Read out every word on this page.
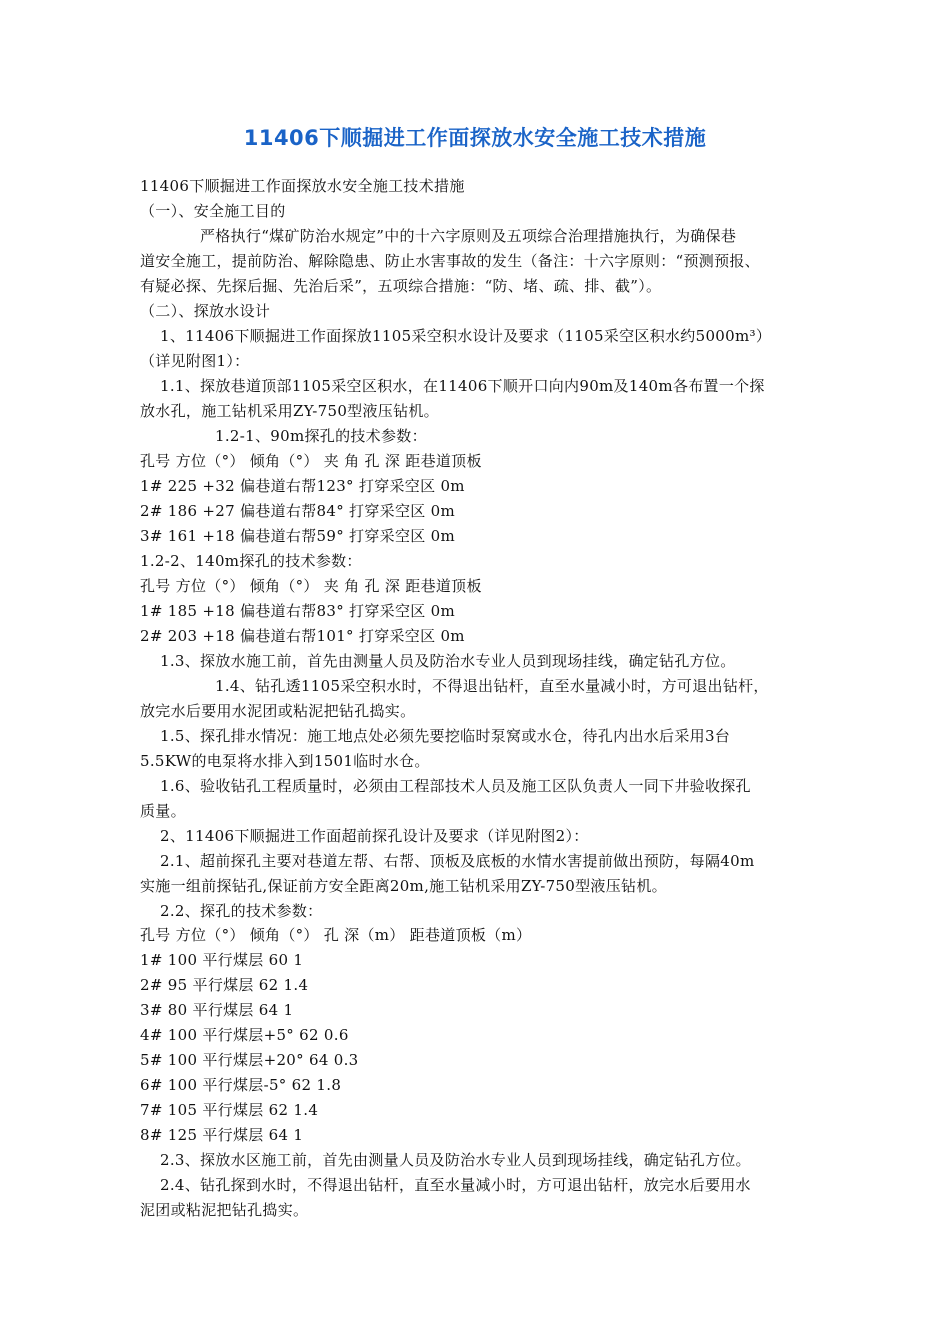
11406下顺掘进工作面探放水安全施工技术措施
11406下顺掘进工作面探放水安全施工技术措施
（一）、安全施工目的
严格执行“煤矿防治水规定”中的十六字原则及五项综合治理措施执行，为确保巷
道安全施工，提前防治、解除隐患、防止水害事故的发生（备注：十六字原则：“预测预报、
有疑必探、先探后掘、先治后采”，五项综合措施：“防、堵、疏、排、截”）。
（二）、探放水设计
1、11406下顺掘进工作面探放1105采空积水设计及要求（1105采空区积水约5000m³）
（详见附图1）：
1.1、探放巷道顶部1105采空区积水，在11406下顺开口向内90m及140m各布置一个探
放水孔，施工钻机采用ZY-750型液压钻机。
1.2-1、90m探孔的技术参数：
孔号 方位（°） 倾角（°） 夹 角 孔 深 距巷道顶板
1# 225 +32 偏巷道右帮123° 打穿采空区 0m
2# 186 +27 偏巷道右帮84° 打穿采空区 0m
3# 161 +18 偏巷道右帮59° 打穿采空区 0m
1.2-2、140m探孔的技术参数：
孔号 方位（°） 倾角（°） 夹 角 孔 深 距巷道顶板
1# 185 +18 偏巷道右帮83° 打穿采空区 0m
2# 203 +18 偏巷道右帮101° 打穿采空区 0m
1.3、探放水施工前，首先由测量人员及防治水专业人员到现场挂线，确定钻孔方位。
1.4、钻孔透1105采空积水时，不得退出钻杆，直至水量减小时，方可退出钻杆，
放完水后要用水泥团或粘泥把钻孔捣实。
1.5、探孔排水情况：施工地点处必须先要挖临时泵窝或水仓，待孔内出水后采用3台
5.5KW的电泵将水排入到1501临时水仓。
1.6、验收钻孔工程质量时，必须由工程部技术人员及施工区队负责人一同下井验收探孔
质量。
2、11406下顺掘进工作面超前探孔设计及要求（详见附图2）：
2.1、超前探孔主要对巷道左帮、右帮、顶板及底板的水情水害提前做出预防，每隔40m
实施一组前探钻孔,保证前方安全距离20m,施工钻机采用ZY-750型液压钻机。
2.2、探孔的技术参数：
孔号 方位（°） 倾角（°） 孔 深（m） 距巷道顶板（m）
1# 100 平行煤层 60 1
2# 95 平行煤层 62 1.4
3# 80 平行煤层 64 1
4# 100 平行煤层+5° 62 0.6
5# 100 平行煤层+20° 64 0.3
6# 100 平行煤层-5° 62 1.8
7# 105 平行煤层 62 1.4
8# 125 平行煤层 64 1
2.3、探放水区施工前，首先由测量人员及防治水专业人员到现场挂线，确定钻孔方位。
2.4、钻孔探到水时，不得退出钻杆，直至水量减小时，方可退出钻杆，放完水后要用水
泥团或粘泥把钻孔捣实。
